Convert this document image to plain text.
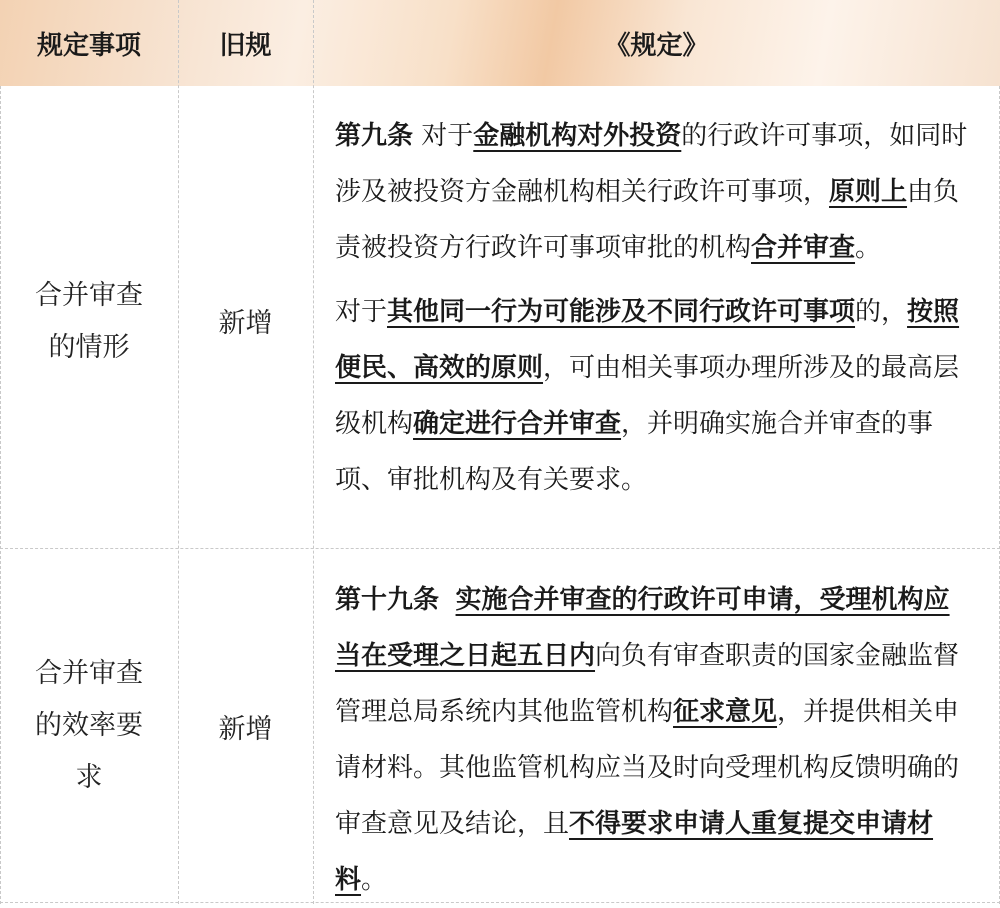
规定事项	旧规	《规定》
合并审查
的情形
新增

第九条 对于金融机构对外投资的行政许可事项，如同时涉及被投资方金融机构相关行政许可事项，原则上由负责被投资方行政许可事项审批的机构合并审查。

对于其他同一行为可能涉及不同行政许可事项的，按照便民、高效的原则，可由相关事项办理所涉及的最高层级机构确定进行合并审查，并明确实施合并审查的事项、审批机构及有关要求。

合并审查
的效率要
求
新增

第十九条 实施合并审查的行政许可申请，受理机构应当在受理之日起五日内向负有审查职责的国家金融监督管理总局系统内其他监管机构征求意见，并提供相关申请材料。其他监管机构应当及时向受理机构反馈明确的审查意见及结论，且不得要求申请人重复提交申请材料。
